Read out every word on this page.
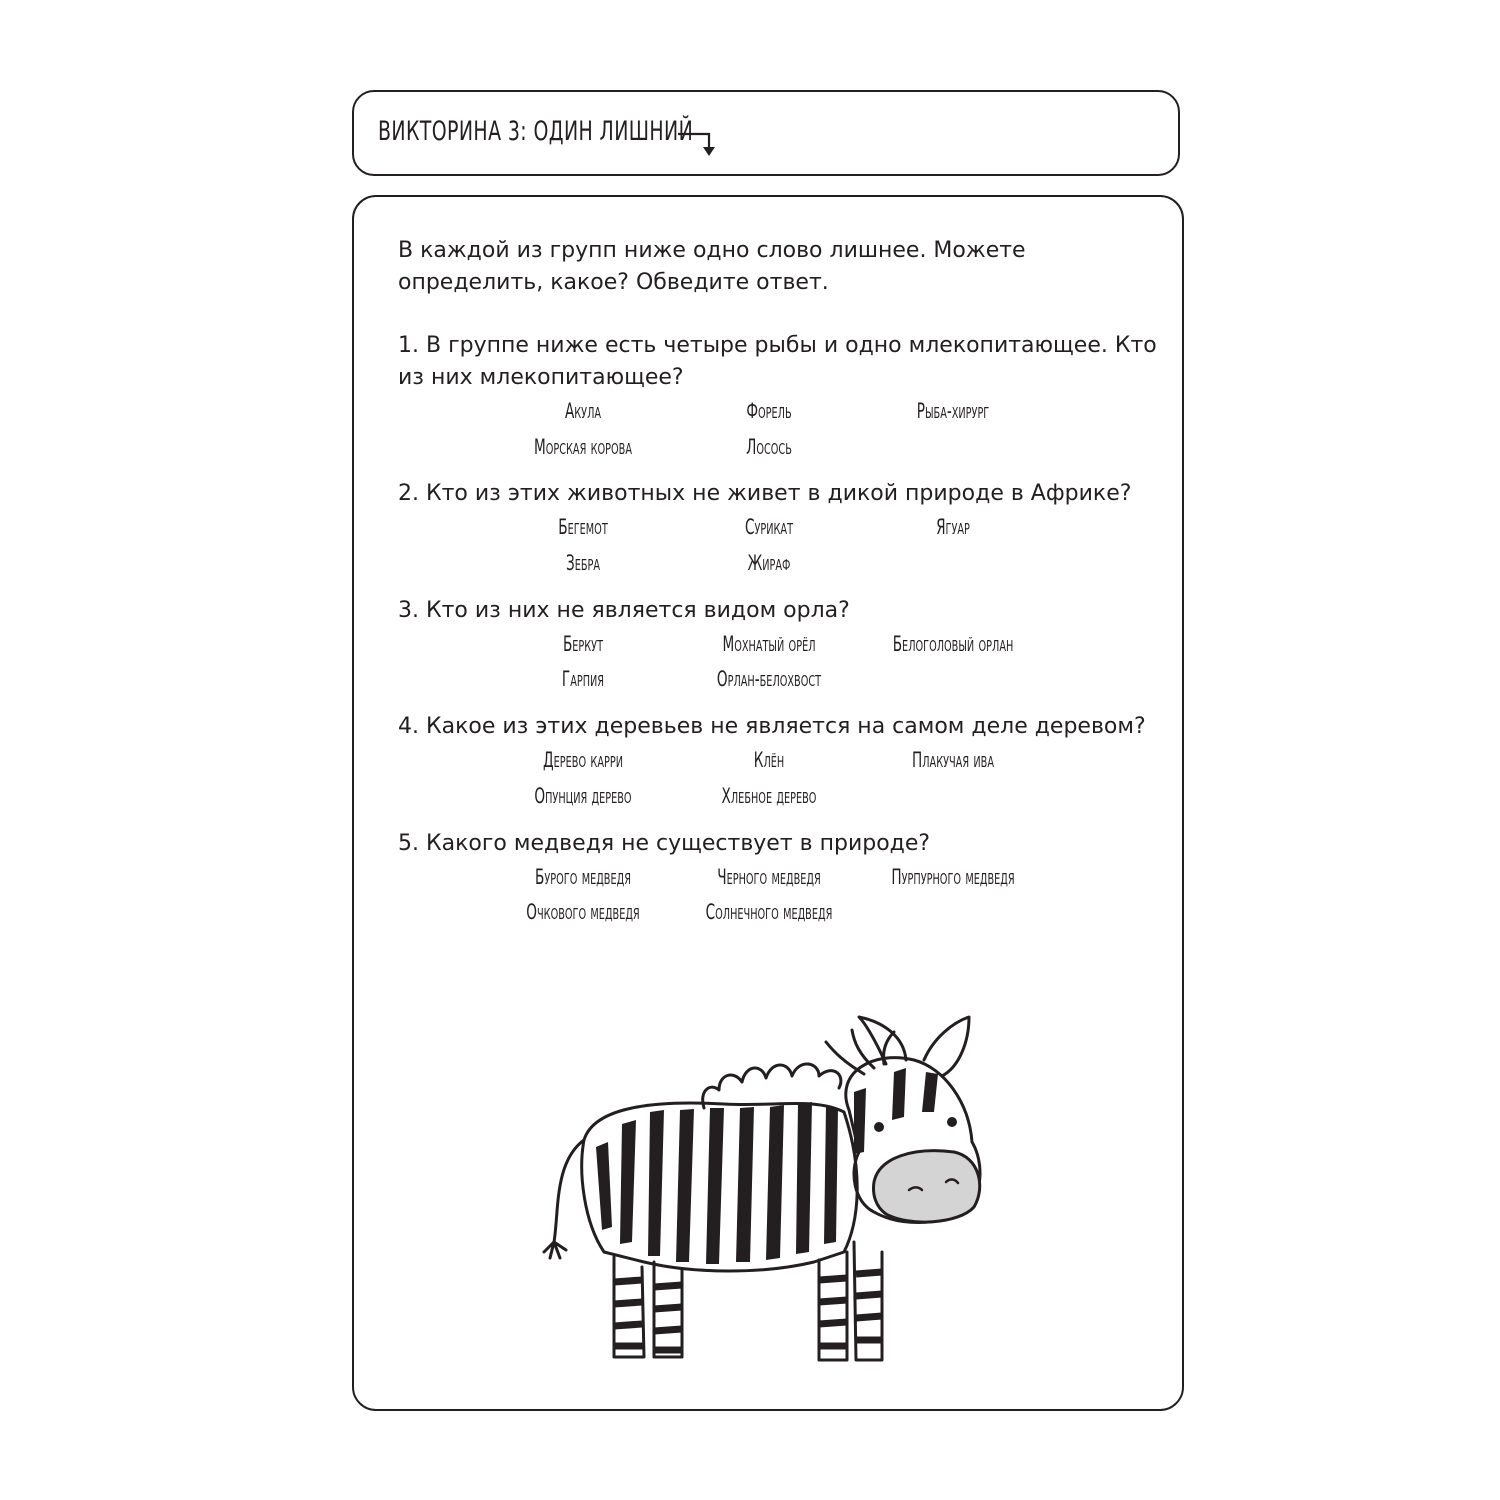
ВИКТОРИНА 3: ОДИН ЛИШНИЙ

В каждой из групп ниже одно слово лишнее. Можете определить, какое? Обведите ответ.

1. В группе ниже есть четыре рыбы и одно млекопитающее. Кто из них млекопитающее?

Акула	Форель	Рыба-хирург
Морская корова	Лосось

2. Кто из этих животных не живет в дикой природе в Африке?

Бегемот	Сурикат	Ягуар
Зебра	Жираф

3. Кто из них не является видом орла?

Беркут	Мохнатый орёл	Белоголовый орлан
Гарпия	Орлан-белохвост

4. Какое из этих деревьев не является на самом деле деревом?

Дерево карри	Клён	Плакучая ива
Опунция дерево	Хлебное дерево

5. Какого медведя не существует в природе?

Бурого медведя	Черного медведя	Пурпурного медведя
Очкового медведя	Солнечного медведя
